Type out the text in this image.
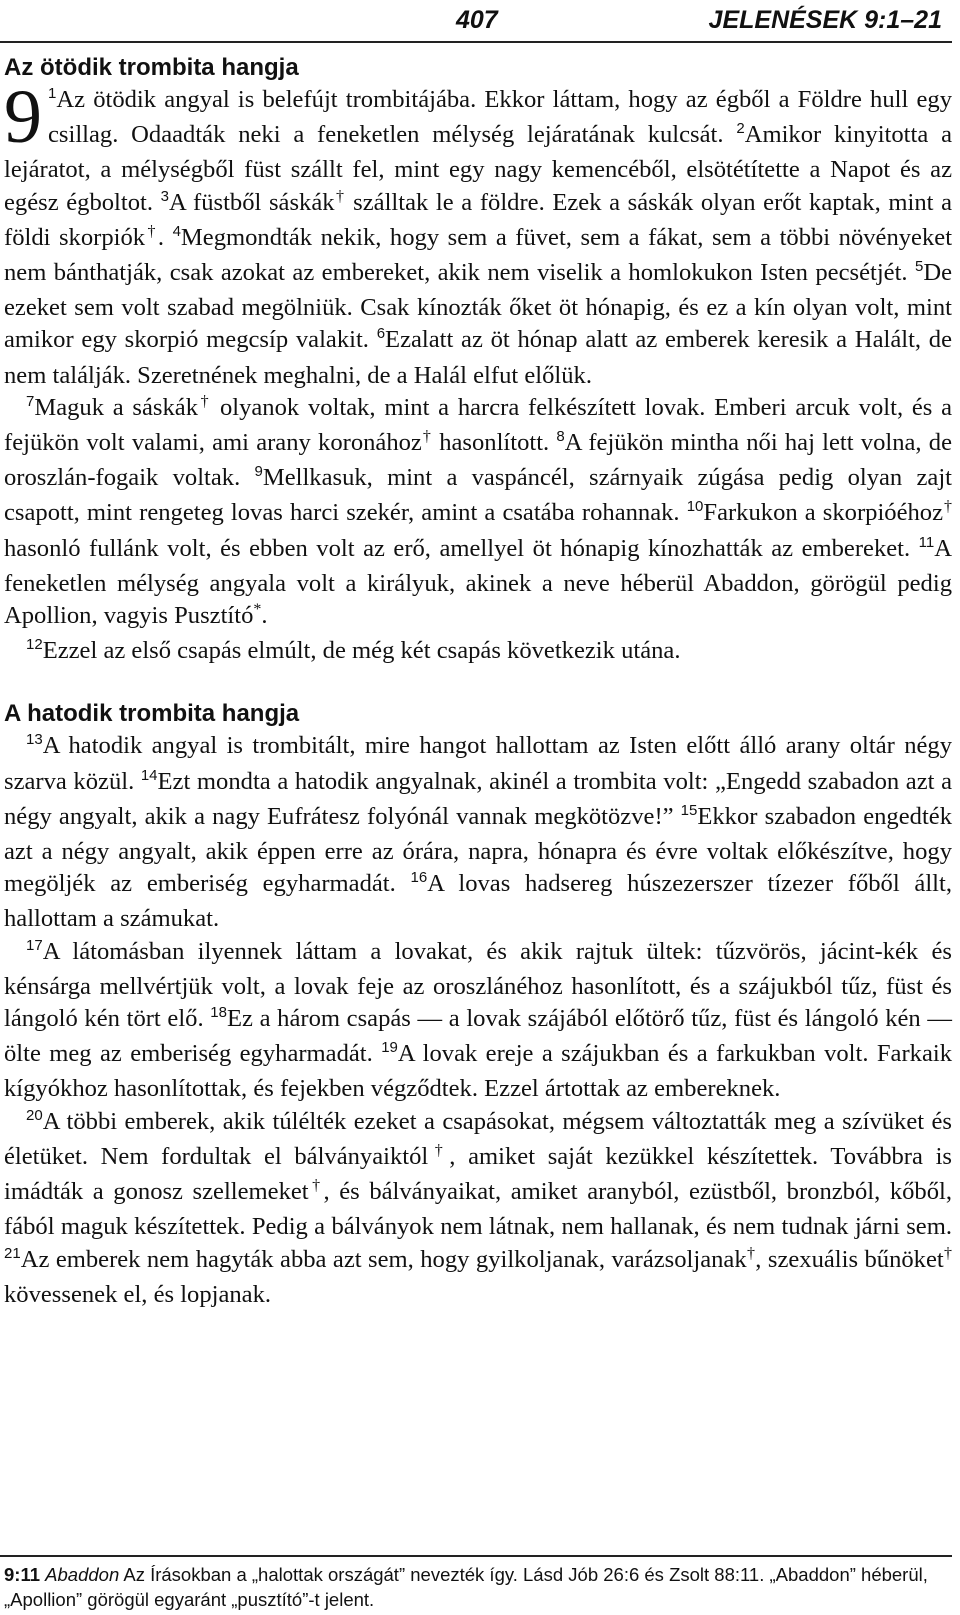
407	JELENÉSEK 9:1–21
Az ötödik trombita hangja

9 $^1$Az ötödik angyal is belefújt trombitájába. Ekkor láttam, hogy az égből a Földre hull egy csillag. Odaadták neki a feneketlen mélység lejáratának kulcsát. $^2$Amikor kinyitotta a lejáratot, a mélységből füst szállt fel, mint egy nagy kemencéből, elsötétítette a Napot és az egész égboltot. $^3$A füstből sáskák† szálltak le a földre. Ezek a sáskák olyan erőt kaptak, mint a földi skorpiók†. $^4$Megmondták nekik, hogy sem a füvet, sem a fákat, sem a többi növényeket nem bánthatják, csak azokat az embereket, akik nem viselik a homlokukon Isten pecsétjét. $^5$De ezeket sem volt szabad megölniük. Csak kínozták őket öt hónapig, és ez a kín olyan volt, mint amikor egy skorpió megcsíp valakit. $^6$Ezalatt az öt hónap alatt az emberek keresik a Halált, de nem találják. Szeretnének meghalni, de a Halál elfut előlük.

$^7$Maguk a sáskák† olyanok voltak, mint a harcra felkészített lovak. Emberi arcuk volt, és a fejükön volt valami, ami arany koronához† hasonlított. $^8$A fejükön mintha női haj lett volna, de oroszlán-fogaik voltak. $^9$Mellkasuk, mint a vaspáncél, szárnyaik zúgása pedig olyan zajt csapott, mint rengeteg lovas harci szekér, amint a csatába rohannak. $^{10}$Farkukon a skorpióéhoz† hasonló fullánk volt, és ebben volt az erő, amellyel öt hónapig kínozhatták az embereket. $^{11}$A feneketlen mélység angyala volt a királyuk, akinek a neve héberül Abaddon, görögül pedig Apollion, vagyis Pusztító*.

$^{12}$Ezzel az első csapás elmúlt, de még két csapás következik utána.

A hatodik trombita hangja

$^{13}$A hatodik angyal is trombitált, mire hangot hallottam az Isten előtt álló arany oltár négy szarva közül. $^{14}$Ezt mondta a hatodik angyalnak, akinél a trombita volt: „Engedd szabadon azt a négy angyalt, akik a nagy Eufrátesz folyónál vannak megkötözve!” $^{15}$Ekkor szabadon engedték azt a négy angyalt, akik éppen erre az órára, napra, hónapra és évre voltak előkészítve, hogy megöljék az emberiség egyharmadát. $^{16}$A lovas hadsereg húszezerszer tízezer főből állt, hallottam a számukat.

$^{17}$A látomásban ilyennek láttam a lovakat, és akik rajtuk ültek: tűzvörös, jácint-kék és kénsárga mellvértjük volt, a lovak feje az oroszlánéhoz hasonlított, és a szájukból tűz, füst és lángoló kén tört elő. $^{18}$Ez a három csapás — a lovak szájából előtörő tűz, füst és lángoló kén — ölte meg az emberiség egyharmadát. $^{19}$A lovak ereje a szájukban és a farkukban volt. Farkaik kígyókhoz hasonlítottak, és fejekben végződtek. Ezzel ártottak az embereknek.

$^{20}$A többi emberek, akik túlélték ezeket a csapásokat, mégsem változtatták meg a szívüket és életüket. Nem fordultak el bálványaiktól†, amiket saját kezükkel készítettek. Továbbra is imádták a gonosz szellemeket†, és bálványaikat, amiket aranyból, ezüstből, bronzból, kőből, fából maguk készítettek. Pedig a bálványok nem látnak, nem hallanak, és nem tudnak járni sem. $^{21}$Az emberek nem hagyták abba azt sem, hogy gyilkoljanak, varázsoljanak†, szexuális bűnöket† kövessenek el, és lopjanak.

9:11 Abaddon Az Írásokban a „halottak országát” nevezték így. Lásd Jób 26:6 és Zsolt 88:11. „Abaddon” héberül, „Apollion” görögül egyaránt „pusztító”-t jelent.
